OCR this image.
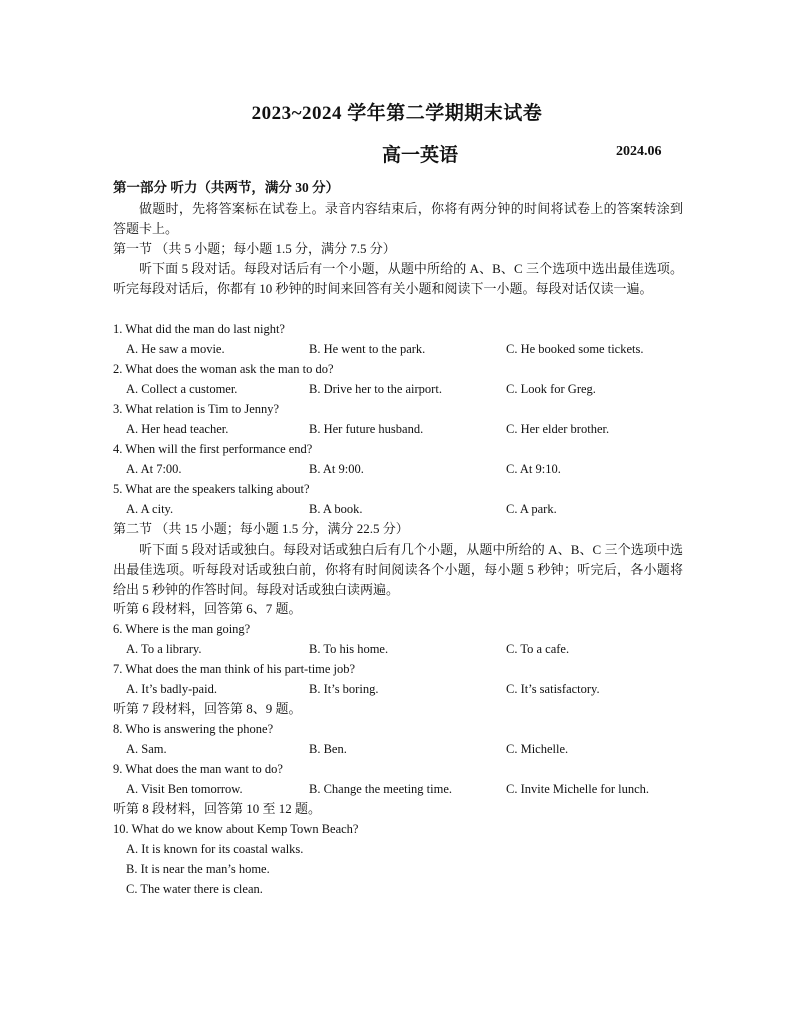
2023~2024 学年第二学期期末试卷
高一英语	2024.06
第一部分 听力（共两节，满分 30 分）
做题时，先将答案标在试卷上。录音内容结束后，你将有两分钟的时间将试卷上的答案转涂到答题卡上。
第一节 （共 5 小题；每小题 1.5 分，满分 7.5 分）
听下面 5 段对话。每段对话后有一个小题，从题中所给的 A、B、C 三个选项中选出最佳选项。听完每段对话后，你都有 10 秒钟的时间来回答有关小题和阅读下一小题。每段对话仅读一遍。
1. What did the man do last night?
A. He saw a movie.	B. He went to the park.	C. He booked some tickets.
2. What does the woman ask the man to do?
A. Collect a customer.	B. Drive her to the airport.	C. Look for Greg.
3. What relation is Tim to Jenny?
A. Her head teacher.	B. Her future husband.	C. Her elder brother.
4. When will the first performance end?
A. At 7:00.	B. At 9:00.	C. At 9:10.
5. What are the speakers talking about?
A. A city.	B. A book.	C. A park.
第二节 （共 15 小题；每小题 1.5 分，满分 22.5 分）
听下面 5 段对话或独白。每段对话或独白后有几个小题，从题中所给的 A、B、C 三个选项中选出最佳选项。听每段对话或独白前，你将有时间阅读各个小题，每小题 5 秒钟；听完后，各小题将给出 5 秒钟的作答时间。每段对话或独白读两遍。
听第 6 段材料，回答第 6、7 题。
6. Where is the man going?
A. To a library.	B. To his home.	C. To a cafe.
7. What does the man think of his part-time job?
A. It’s badly-paid.	B. It’s boring.	C. It’s satisfactory.
听第 7 段材料，回答第 8、9 题。
8. Who is answering the phone?
A. Sam.	B. Ben.	C. Michelle.
9. What does the man want to do?
A. Visit Ben tomorrow.	B. Change the meeting time.	C. Invite Michelle for lunch.
听第 8 段材料，回答第 10 至 12 题。
10. What do we know about Kemp Town Beach?
A. It is known for its coastal walks.
B. It is near the man’s home.
C. The water there is clean.
